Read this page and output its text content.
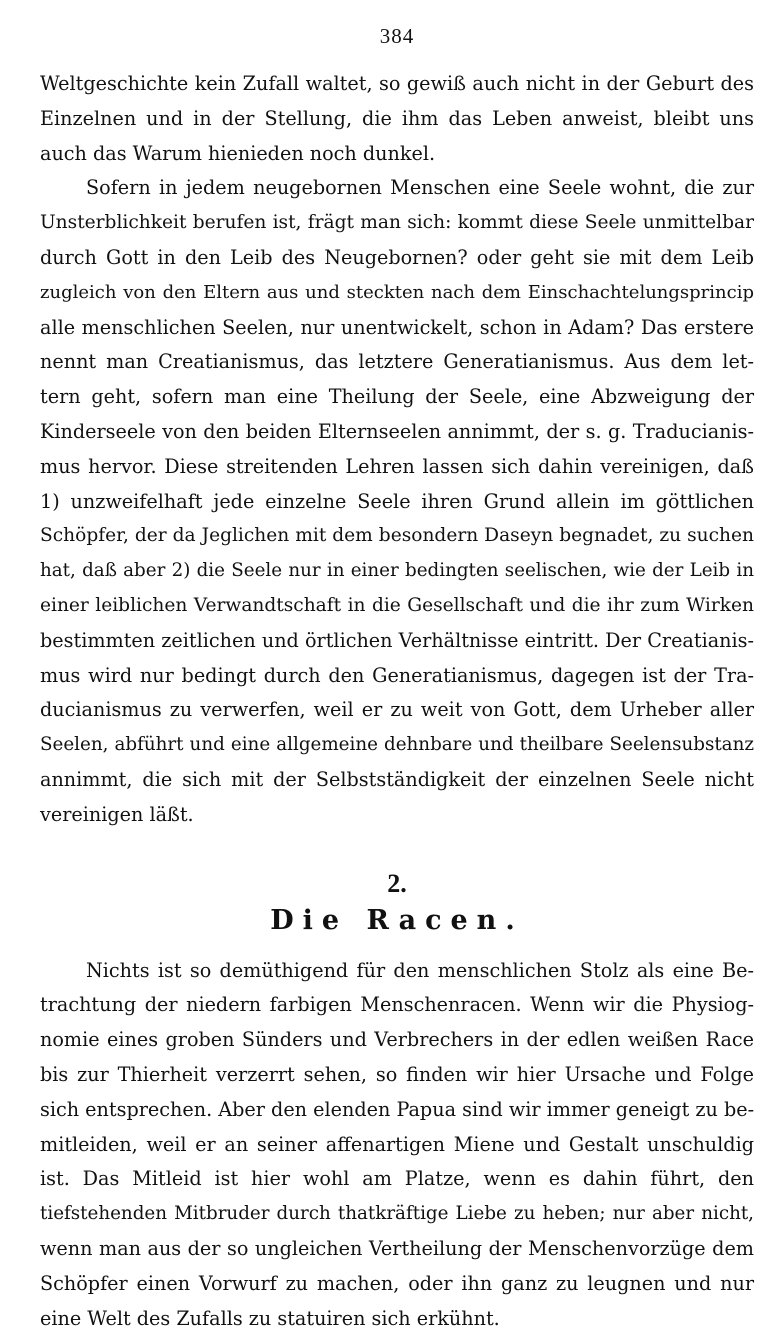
384

Weltgeschichte kein Zufall waltet, so gewiß auch nicht in der Geburt des
Einzelnen und in der Stellung, die ihm das Leben anweist, bleibt uns
auch das Warum hienieden noch dunkel.

Sofern in jedem neugebornen Menschen eine Seele wohnt, die zur
Unsterblichkeit berufen ist, frägt man sich: kommt diese Seele unmittelbar
durch Gott in den Leib des Neugebornen? oder geht sie mit dem Leib
zugleich von den Eltern aus und steckten nach dem Einschachtelungsprincip
alle menschlichen Seelen, nur unentwickelt, schon in Adam? Das erstere
nennt man Creatianismus, das letztere Generatianismus. Aus dem let-
tern geht, sofern man eine Theilung der Seele, eine Abzweigung der
Kinderseele von den beiden Elternseelen annimmt, der s. g. Traducianis-
mus hervor. Diese streitenden Lehren lassen sich dahin vereinigen, daß
1) unzweifelhaft jede einzelne Seele ihren Grund allein im göttlichen
Schöpfer, der da Jeglichen mit dem besondern Daseyn begnadet, zu suchen
hat, daß aber 2) die Seele nur in einer bedingten seelischen, wie der Leib in
einer leiblichen Verwandtschaft in die Gesellschaft und die ihr zum Wirken
bestimmten zeitlichen und örtlichen Verhältnisse eintritt. Der Creatianis-
mus wird nur bedingt durch den Generatianismus, dagegen ist der Tra-
ducianismus zu verwerfen, weil er zu weit von Gott, dem Urheber aller
Seelen, abführt und eine allgemeine dehnbare und theilbare Seelensubstanz
annimmt, die sich mit der Selbstständigkeit der einzelnen Seele nicht
vereinigen läßt.

2.
Die Racen.

Nichts ist so demüthigend für den menschlichen Stolz als eine Be-
trachtung der niedern farbigen Menschenracen. Wenn wir die Physiog-
nomie eines groben Sünders und Verbrechers in der edlen weißen Race
bis zur Thierheit verzerrt sehen, so finden wir hier Ursache und Folge
sich entsprechen. Aber den elenden Papua sind wir immer geneigt zu be-
mitleiden, weil er an seiner affenartigen Miene und Gestalt unschuldig
ist. Das Mitleid ist hier wohl am Platze, wenn es dahin führt, den
tiefstehenden Mitbruder durch thatkräftige Liebe zu heben; nur aber nicht,
wenn man aus der so ungleichen Vertheilung der Menschenvorzüge dem
Schöpfer einen Vorwurf zu machen, oder ihn ganz zu leugnen und nur
eine Welt des Zufalls zu statuiren sich erkühnt.
